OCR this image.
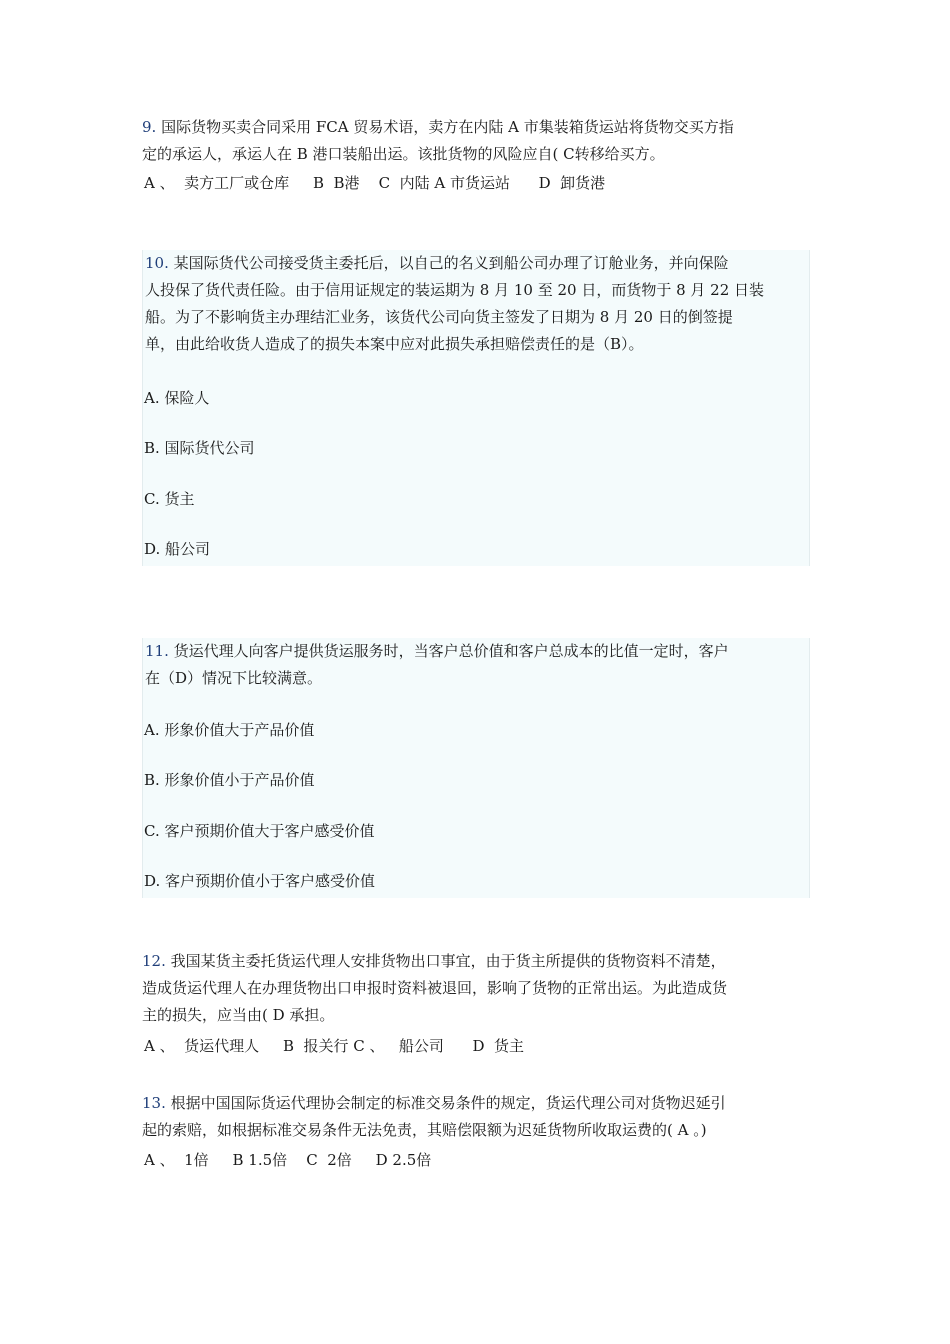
9. 国际货物买卖合同采用 FCA 贸易术语，卖方在内陆 A 市集装箱货运站将货物交买方指
定的承运人，承运人在 B 港口装船出运。该批货物的风险应自( C转移给买方。
A 、  卖方工厂或仓库     B  B港    C  内陆 A 市货运站      D  卸货港
10. 某国际货代公司接受货主委托后，以自己的名义到船公司办理了订舱业务，并向保险
人投保了货代责任险。由于信用证规定的装运期为 8 月 10 至 20 日，而货物于 8 月 22 日装
船。为了不影响货主办理结汇业务，该货代公司向货主签发了日期为 8 月 20 日的倒签提
单，由此给收货人造成了的损失本案中应对此损失承担赔偿责任的是（B）。
A. 保险人
B. 国际货代公司
C. 货主
D. 船公司
11. 货运代理人向客户提供货运服务时，当客户总价值和客户总成本的比值一定时，客户
在（D）情况下比较满意。
A. 形象价值大于产品价值
B. 形象价值小于产品价值
C. 客户预期价值大于客户感受价值
D. 客户预期价值小于客户感受价值
12. 我国某货主委托货运代理人安排货物出口事宜，由于货主所提供的货物资料不清楚，
造成货运代理人在办理货物出口申报时资料被退回，影响了货物的正常出运。为此造成货
主的损失，应当由( D 承担。
A 、  货运代理人     B  报关行 C 、   船公司      D  货主
13. 根据中国国际货运代理协会制定的标准交易条件的规定，货运代理公司对货物迟延引
起的索赔，如根据标准交易条件无法免责，其赔偿限额为迟延货物所收取运费的( A 。)
A 、  1倍     B 1.5倍    C  2倍     D 2.5倍
